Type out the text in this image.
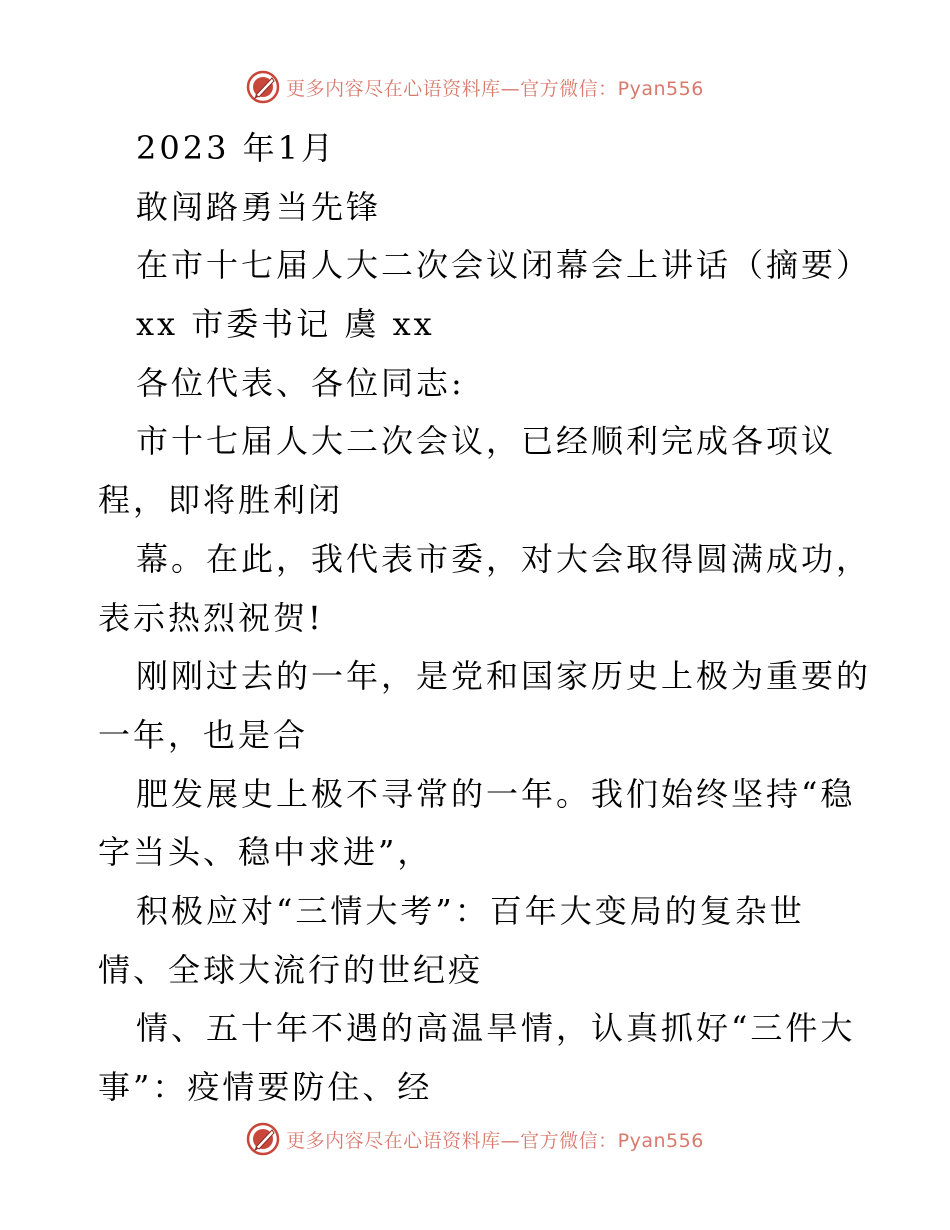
更多内容尽在心语资料库—官方微信：Pyan556
2023 年1月
敢闯路勇当先锋
在市十七届人大二次会议闭幕会上讲话（摘要）
xx 市委书记 虞 xx
各位代表、各位同志:
市十七届人大二次会议，已经顺利完成各项议
程，即将胜利闭
幕。在此，我代表市委，对大会取得圆满成功，
表示热烈祝贺!
刚刚过去的一年，是党和国家历史上极为重要的
一年，也是合
肥发展史上极不寻常的一年。我们始终坚持“稳
字当头、稳中求进”，
积极应对“三情大考”：百年大变局的复杂世
情、全球大流行的世纪疫
情、五十年不遇的高温旱情，认真抓好“三件大
事”：疫情要防住、经
更多内容尽在心语资料库—官方微信：Pyan556
